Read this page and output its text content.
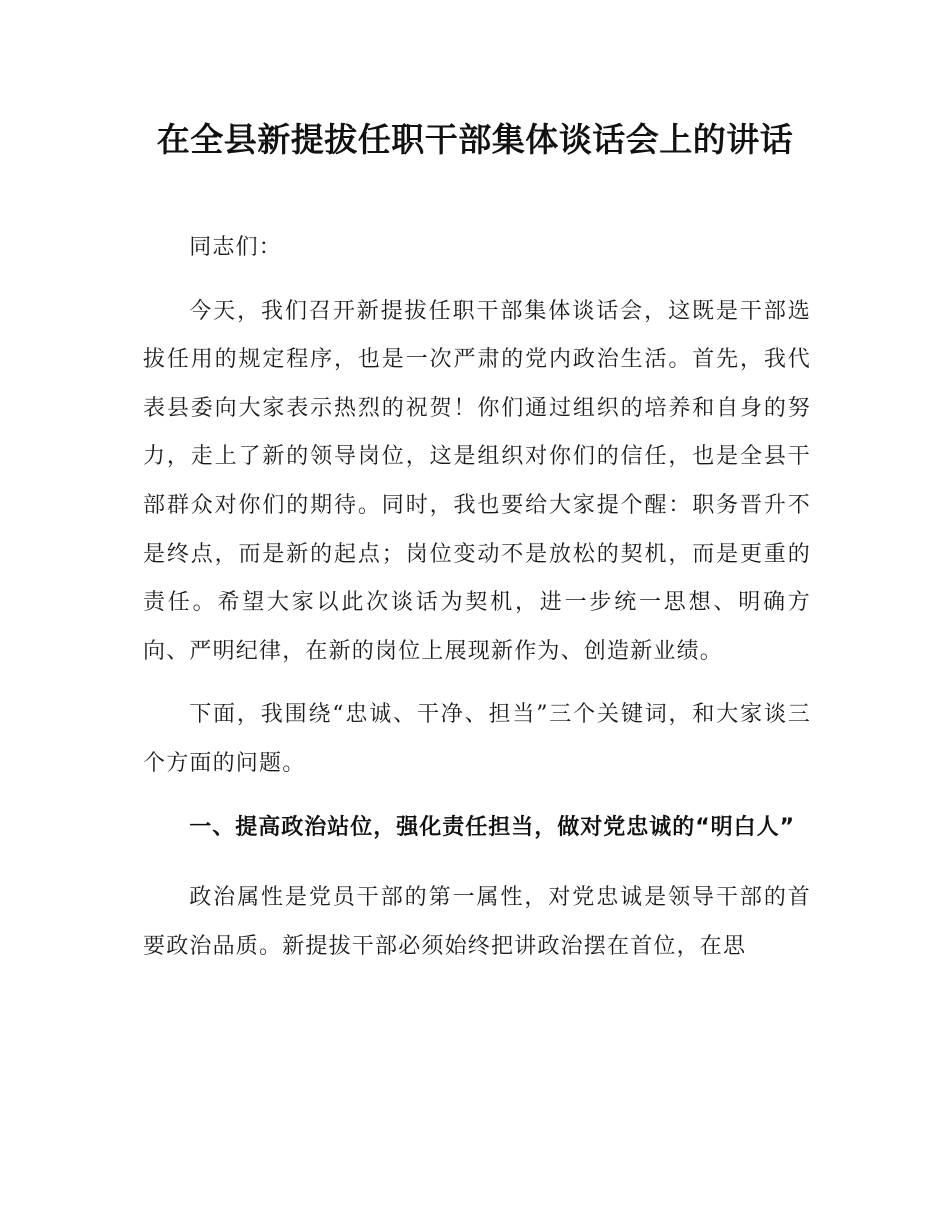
在全县新提拔任职干部集体谈话会上的讲话

同志们：

今天，我们召开新提拔任职干部集体谈话会，这既是干部选拔任用的规定程序，也是一次严肃的党内政治生活。首先，我代表县委向大家表示热烈的祝贺！你们通过组织的培养和自身的努力，走上了新的领导岗位，这是组织对你们的信任，也是全县干部群众对你们的期待。同时，我也要给大家提个醒：职务晋升不是终点，而是新的起点；岗位变动不是放松的契机，而是更重的责任。希望大家以此次谈话为契机，进一步统一思想、明确方向、严明纪律，在新的岗位上展现新作为、创造新业绩。

下面，我围绕“忠诚、干净、担当”三个关键词，和大家谈三个方面的问题。

一、提高政治站位，强化责任担当，做对党忠诚的“明白人”

政治属性是党员干部的第一属性，对党忠诚是领导干部的首要政治品质。新提拔干部必须始终把讲政治摆在首位，在思
